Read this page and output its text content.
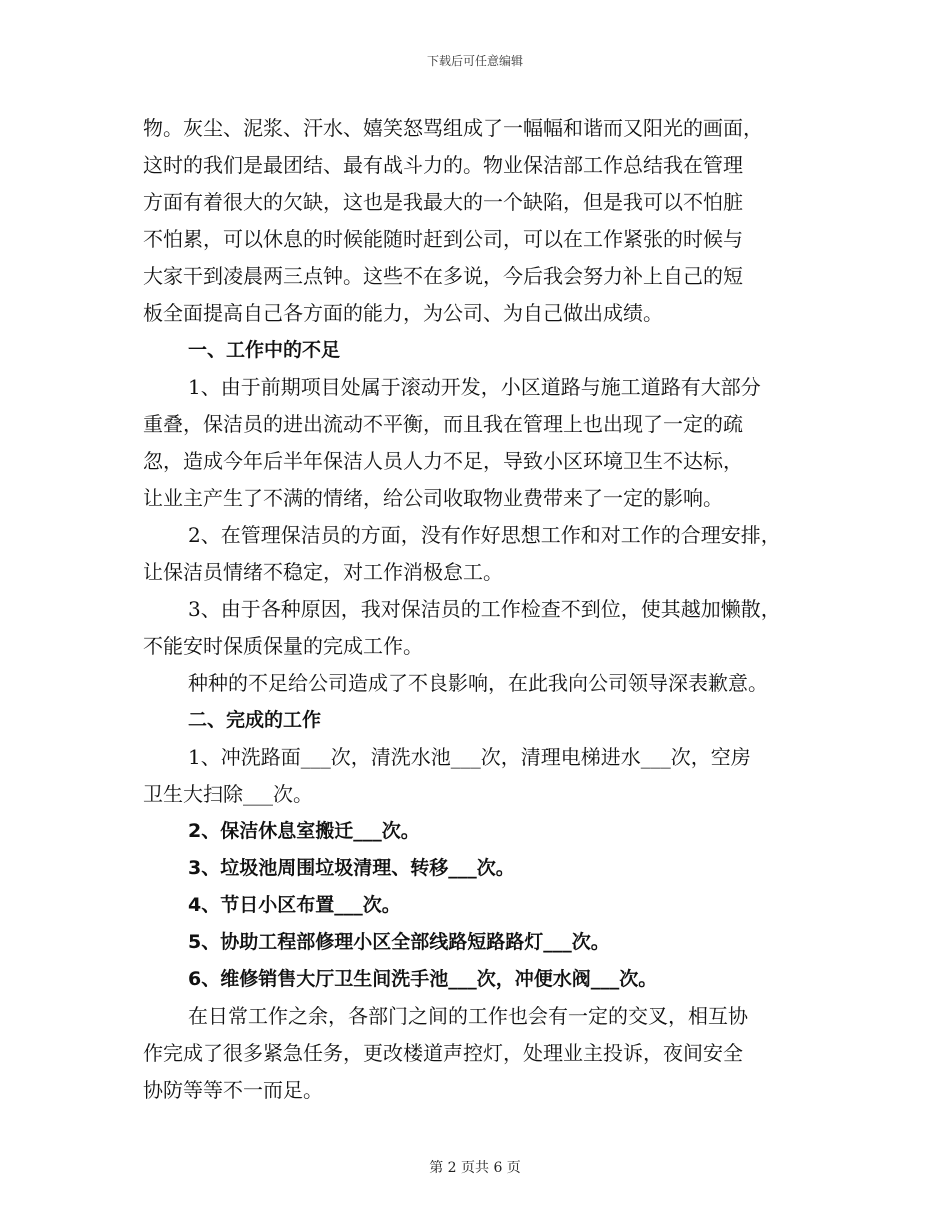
下载后可任意编辑
物。灰尘、泥浆、汗水、嬉笑怒骂组成了一幅幅和谐而又阳光的画面，
这时的我们是最团结、最有战斗力的。物业保洁部工作总结我在管理
方面有着很大的欠缺，这也是我最大的一个缺陷，但是我可以不怕脏
不怕累，可以休息的时候能随时赶到公司，可以在工作紧张的时候与
大家干到凌晨两三点钟。这些不在多说，今后我会努力补上自己的短
板全面提高自己各方面的能力，为公司、为自己做出成绩。
一、工作中的不足
1、由于前期项目处属于滚动开发，小区道路与施工道路有大部分
重叠，保洁员的进出流动不平衡，而且我在管理上也出现了一定的疏
忽，造成今年后半年保洁人员人力不足，导致小区环境卫生不达标，
让业主产生了不满的情绪，给公司收取物业费带来了一定的影响。
2、在管理保洁员的方面，没有作好思想工作和对工作的合理安排，
让保洁员情绪不稳定，对工作消极怠工。
3、由于各种原因，我对保洁员的工作检查不到位，使其越加懒散，
不能安时保质保量的完成工作。
种种的不足给公司造成了不良影响，在此我向公司领导深表歉意。
二、完成的工作
1、冲洗路面___次，清洗水池___次，清理电梯进水___次，空房
卫生大扫除___次。
2、保洁休息室搬迁___次。
3、垃圾池周围垃圾清理、转移___次。
4、节日小区布置___次。
5、协助工程部修理小区全部线路短路路灯___次。
6、维修销售大厅卫生间洗手池___次，冲便水阀___次。
在日常工作之余，各部门之间的工作也会有一定的交叉，相互协
作完成了很多紧急任务，更改楼道声控灯，处理业主投诉，夜间安全
协防等等不一而足。
第 2 页共 6 页
